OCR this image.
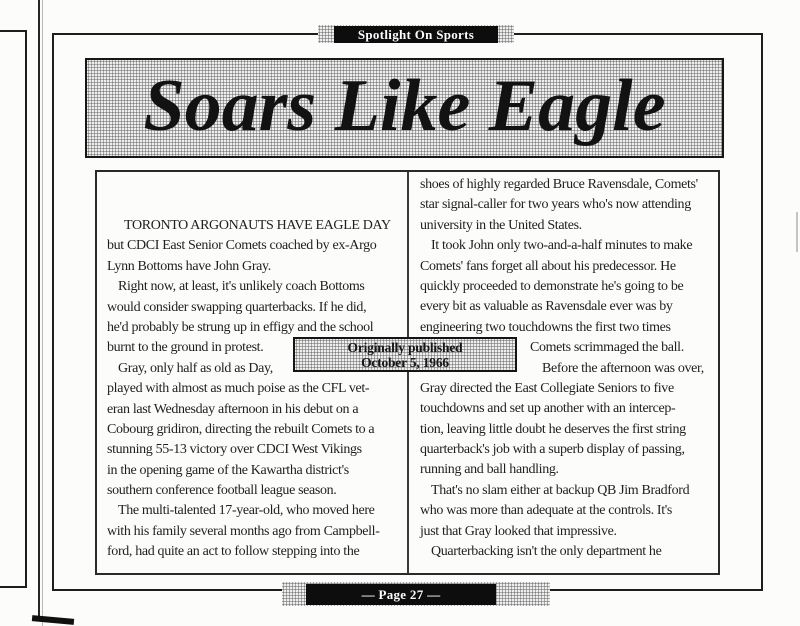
Spotlight On Sports
Soars Like Eagle
TORONTO ARGONAUTS HAVE EAGLE DAY
but CDCI East Senior Comets coached by ex-Argo
Lynn Bottoms have John Gray.
Right now, at least, it's unlikely coach Bottoms
would consider swapping quarterbacks. If he did,
he'd probably be strung up in effigy and the school
burnt to the ground in protest.
Gray, only half as old as Day,
played with almost as much poise as the CFL vet-
eran last Wednesday afternoon in his debut on a
Cobourg gridiron, directing the rebuilt Comets to a
stunning 55-13 victory over CDCI West Vikings
in the opening game of the Kawartha district's
southern conference football league season.
The multi-talented 17-year-old, who moved here
with his family several months ago from Campbell-
ford, had quite an act to follow stepping into the
shoes of highly regarded Bruce Ravensdale, Comets'
star signal-caller for two years who's now attending
university in the United States.
It took John only two-and-a-half minutes to make
Comets' fans forget all about his predecessor. He
quickly proceeded to demonstrate he's going to be
every bit as valuable as Ravensdale ever was by
engineering two touchdowns the first two times
Comets scrimmaged the ball.
Before the afternoon was over,
Gray directed the East Collegiate Seniors to five
touchdowns and set up another with an intercep-
tion, leaving little doubt he deserves the first string
quarterback's job with a superb display of passing,
running and ball handling.
That's no slam either at backup QB Jim Bradford
who was more than adequate at the controls. It's
just that Gray looked that impressive.
Quarterbacking isn't the only department he
Originally published
October 5, 1966
— Page 27 —
